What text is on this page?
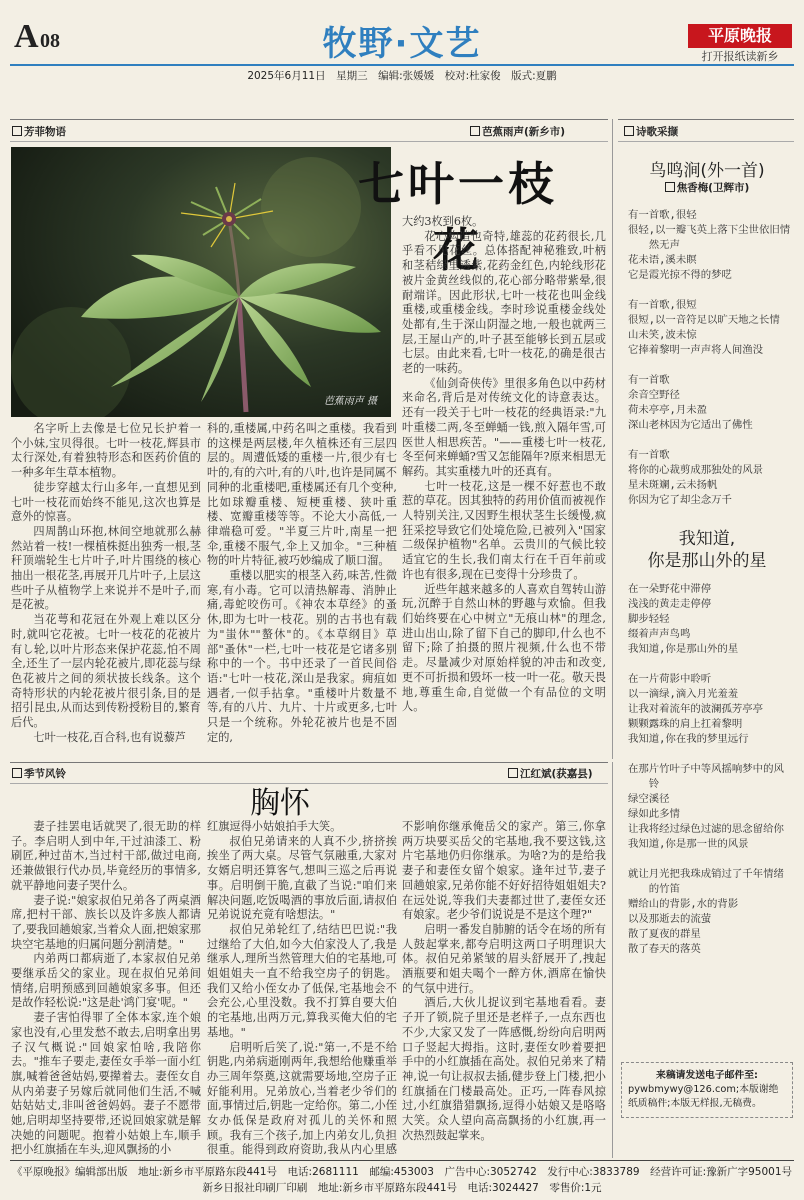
A 08	牧野·文艺	平原晚报
打开报纸读新乡
2025年6月11日　星期三　编辑:张媛媛　校对:杜家俊　版式:夏鹏
芳菲物语	芭蕉雨声(新乡市)
芭蕉雨声 摄
七叶一枝花

名字听上去像是七位兄长护着一个小妹,宝贝得很。七叶一枝花,辉县市太行深处,有着独特形态和医药价值的一种多年生草本植物。

徒步穿越太行山多年,一直想见到七叶一枝花而始终不能见,这次也算是意外的惊喜。

四周鹊山环抱,林间空地就那么赫然站着一枝!一棵植株挺出独秀一根,茎秆顶端轮生七片叶子,叶片围绕的核心抽出一根花茎,再展开几片叶子,上层这些叶子从植物学上来说并不是叶子,而是花被。

当花萼和花冠在外观上难以区分时,就叫它花被。七叶一枝花的花被片有し轮,以叶片形态来保护花蕊,怕不周全,还生了一层内轮花被片,即花蕊与绿色花被片之间的须状披长线条。这个奇特形状的内轮花被片很引条,目的是招引昆虫,从而达到传粉授粉目的,繁育后代。

七叶一枝花,百合科,也有说藜芦

科的,重楼属,中药名叫之重楼。我看到的这棵是两层楼,年久植株还有三层四层的。周遭低矮的重楼一片,很少有七叶的,有的六叶,有的八叶,也许是同属不同种的北重楼吧,重楼属还有几个变种,比如球瓣重楼、短梗重楼、狭叶重楼、宽瓣重楼等等。不论大小高低,一律端稳可爱。"半夏三片叶,南星一把伞,重楼不服气,伞上又加伞。"三种植物的叶片特征,被巧妙编成了顺口溜。

重楼以肥实的根茎入药,味苦,性微寒,有小毒。它可以清热解毒、消肿止痛,毒蛇咬伤可。《神农本草经》的蚤休,即为七叶一枝花。别的古书也有载为"蚩休""螯休"的。《本草纲目》草部"蚤休"一栏,七叶一枝花是它诸多别称中的一个。书中还录了一首民间俗语:"七叶一枝花,深山是我家。痈疽如遇者,一似手拈拿。"重楼叶片数量不等,有的八片、九片、十片或更多,七叶只是一个统称。外轮花被片也是不固定的,

大约3枚到6枚。

花心构造也奇特,雄蕊的花药很长,几乎看不见花丝。总体搭配神秘雅致,叶柄和茎秸绿里透紫,花药金红色,内轮线形花被片金黄丝线似的,花心部分略带紫晕,很耐端详。因此形状,七叶一枝花也叫金线重楼,或重楼金线。李时珍说重楼金线处处都有,生于深山阴湿之地,一般也就两三层,王屋山产的,叶子甚至能够长到五层或七层。由此来看,七叶一枝花,的确是很古老的一味药。

《仙剑奇侠传》里很多角色以中药材来命名,背后是对传统文化的诗意表达。还有一段关于七叶一枝花的经典语录:"九叶重楼二两,冬至蝉蛹一钱,煎入隔年雪,可医世人相思疾苦。"——重楼七叶一枝花,冬至何来蝉蛹?雪又怎能隔年?原来相思无解药。其实重楼九叶的还真有。

七叶一枝花,这是一棵不好惹也不敢惹的草花。因其独特的药用价值而被视作人特别关注,又因野生根状茎生长缓慢,疯狂采挖导致它们处境危险,已被列入"国家二级保护植物"名单。云贵川的气候比较适宜它的生长,我们南太行在千百年前或许也有很多,现在已变得十分珍贵了。

近些年越来越多的人喜欢自驾转山游玩,沉醉于自然山林的野趣与欢愉。但我们始终要在心中树立"无痕山林"的理念,进山出山,除了留下自己的脚印,什么也不留下;除了拍摄的照片视频,什么也不带走。尽量减少对原始样貌的冲击和改变,更不可折损和毁坏一枝一叶一花。敬天畏地,尊重生命,自觉做一个有品位的文明人。

诗歌采撷
鸟鸣涧(外一首)
焦香梅(卫辉市)
有一首歌,很轻
很轻,以一瓣飞英上落下尘世依旧情然无声
花未语,溪未瞑
它是霞光掠不得的梦呓
有一首歌,很短
很短,以一音符足以旷天地之长情
山未笑,波未惊
它捧着黎明一声声将人间渔没
有一首歌
余音空野径
荷未亭亭,月未盈
深山老林因为它适出了佛性
有一首歌
将你的心裁剪成那独处的风景
星未斑斓,云未扬帆
你因为它了却尘念万千
我知道,
你是那山外的星
在一朵野花中滞停
浅浅的黄走走停停
脚步轻轻
缀着声声鸟鸣
我知道,你是那山外的星
在一片荷影中聆听
以一滴绿,滴入月光羞羞
让我对着流年的波澜孤芳亭亭
颗颗露珠的肩上扛着黎明
我知道,你在我的梦里远行
在那片竹叶子中等风摇响梦中的风铃
绿空溪径
绿如此多情
让我将经过绿色过滤的思念留给你
我知道,你是那一世的风景
就让月光把我珠成销过了千年情绪的竹笛
赠给山的背影,水的背影
以及那逝去的流萤
散了夏夜的群星
散了春天的落英
来稿请发送电子邮件至:
pywbmywy@126.com;本版谢绝纸质稿件;本版无样报,无稿费。
季节风铃	江红斌(获嘉县)
胸怀

妻子挂罢电话就哭了,很无助的样子。李启明人到中年,干过油漆工、粉刷匠,种过苗木,当过村干部,做过电商,还兼做银行代办员,毕竟经历的事情多,就平静地问妻子哭什么。

妻子说:"娘家叔伯兄弟各了两桌酒席,把村干部、族长以及许多族人都请了,要我回趟娘家,当着众人面,把娘家那块空宅基地的归属问题分割清楚。"

内弟两口都病逝了,本家叔伯兄弟要继承岳父的家业。现在叔伯兄弟间情绪,启明预感到回趟娘家多事。但还是故作轻松说:"这是赴'鸿门宴'呢。"

妻子害怕得罪了全体本家,连个娘家也没有,心里发愁不敢去,启明拿出男子汉气概说:"回娘家怕啥,我陪你去。"推车子要走,妻侄女手举一面小红旗,喊着爸爸姑妈,要撵着去。妻侄女自从内弟妻子另嫁后就同他们生活,不喊姑姑姑丈,非叫爸爸妈妈。妻子不愿带她,启明却坚持要带,还说回娘家就是解决她的问题呢。抱着小姑娘上车,顺手把小红旗插在车头,迎风飘扬的小

红旗逗得小姑娘拍手大笑。

叔伯兄弟请来的人真不少,挤挤挨挨坐了两大桌。尽管气氛融重,大家对女婿启明还算客气,想叫三巡之后再说事。启明倒干脆,直截了当说:"咱们来解决问题,吃饭喝酒的事放后面,请叔伯兄弟说说充竟有啥想法。"

叔伯兄弟轮红了,结结巴巴说:"我过继给了大伯,如今大伯家没人了,我是继承人,理所当然管理大伯的宅基地,可姐姐姐夫一直不给我空房子的钥匙。我们又给小侄女办了低保,宅基地会不会充公,心里没数。我不打算自要大伯的宅基地,出两万元,算我买俺大伯的宅基地。"

启明听后笑了,说:"第一,不是不给钥匙,内弟病逝刚两年,我想给他赚重举办三周年祭奠,这就需要场地,空房子正好能利用。兄弟放心,当着老少爷们的面,事情过后,钥匙一定给你。第二,小侄女办低保是政府对孤儿的关怀和照顾。我有三个孩子,加上内弟女儿,负担很重。能得到政府资助,我从内心里感

不影响你继承俺岳父的家产。第三,你拿两万块要买岳父的宅基地,我不要这钱,这片宅基地仍归你继承。为啥?为的是给我妻子和妻侄女留个娘家。逢年过节,妻子回趟娘家,兄弟你能不好好招待姐姐姐夫?在远处说,等我们夫妻都过世了,妻侄女还有娘家。老少爷们说说是不是这个理?"

启明一番发自肺腑的话令在场的所有人鼓起掌来,都夸启明这两口子明理识大体。叔伯兄弟紧皱的眉头舒展开了,拽起酒瓶要和姐夫喝个一醉方休,酒席在愉快的气氛中进行。

酒后,大伙儿捉议到宅基地看看。妻子开了锁,院子里还是老样子,一点东西也不少,大家又发了一阵感慨,纷纷向启明两口子竖起大拇指。这时,妻侄女吵着要把手中的小红旗插在高处。叔伯兄弟来了精神,说一句让叔叔去插,健步登上门楼,把小红旗插在门楼最高处。正巧,一阵春风掠过,小红旗猎猎飘扬,逗得小姑娘又是咯咯大笑。众人望向高高飘扬的小红旗,再一次热烈鼓起掌来。

《平原晚报》编辑部出版　地址:新乡市平原路东段441号　电话:2681111　邮编:453003　广告中心:3052742　发行中心:3833789　经营许可证:豫新广字95001号
新乡日报社印刷厂印刷　地址:新乡市平原路东段441号　电话:3024427　零售价:1元
